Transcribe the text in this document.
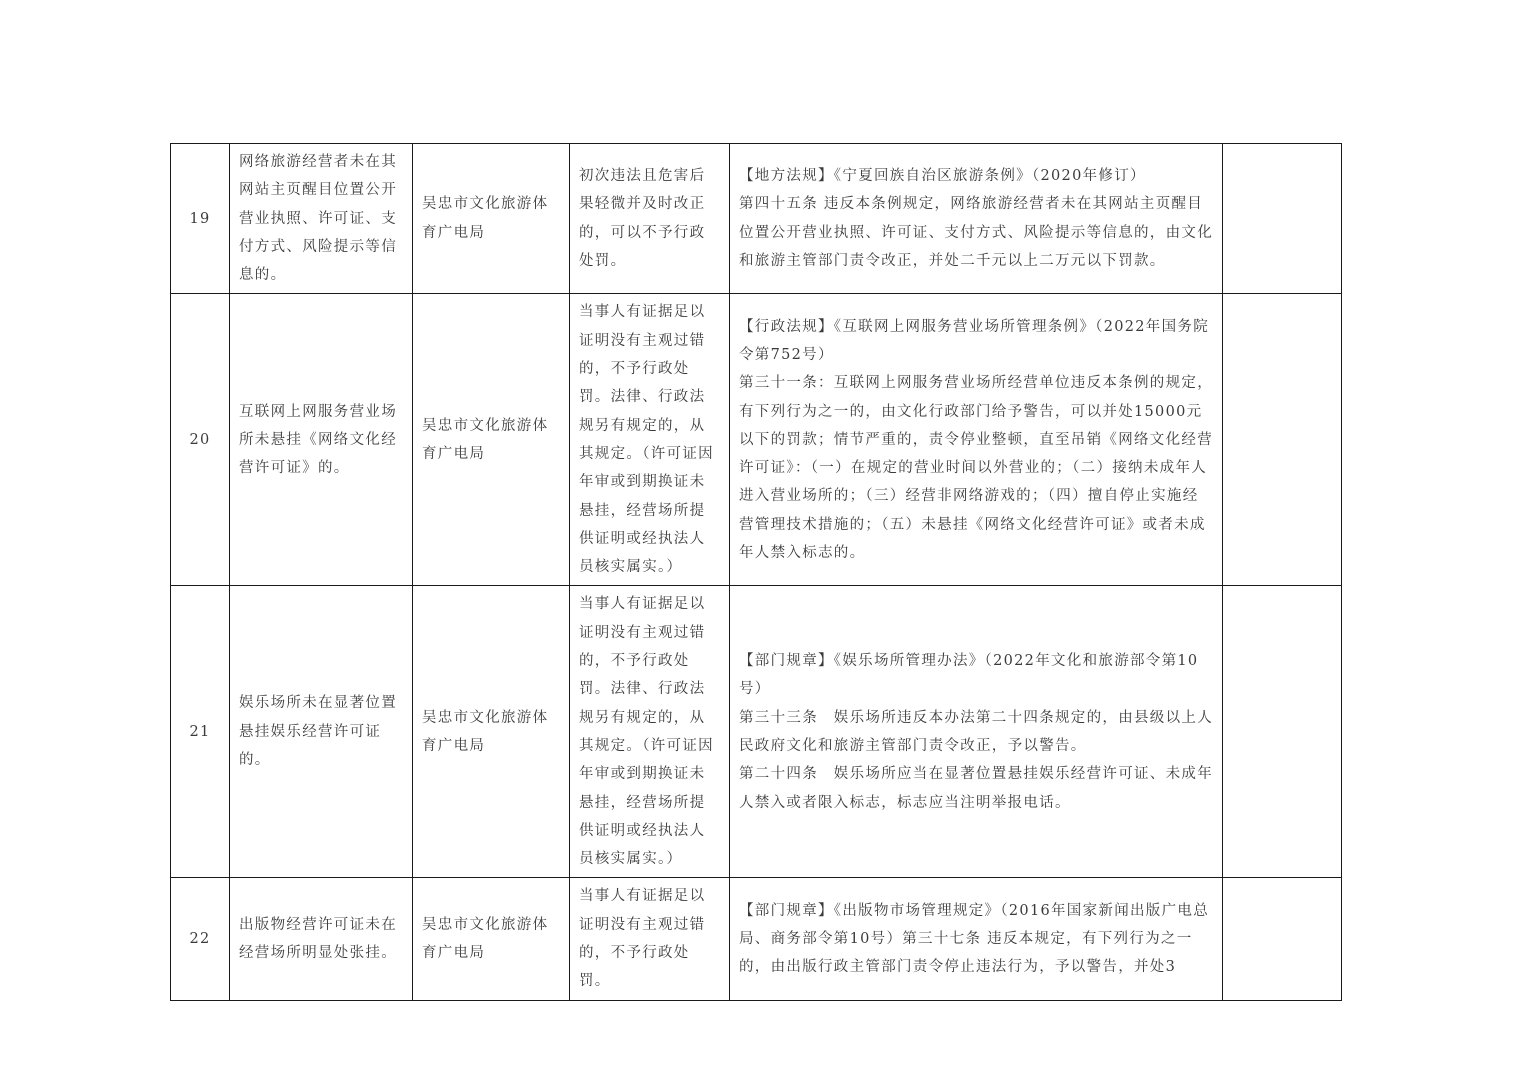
19	网络旅游经营者未在其网站主页醒目位置公开营业执照、许可证、支付方式、风险提示等信息的。	吴忠市文化旅游体育广电局	初次违法且危害后果轻微并及时改正的，可以不予行政处罚。	【地方法规】《宁夏回族自治区旅游条例》（2020年修订）
第四十五条 违反本条例规定，网络旅游经营者未在其网站主页醒目位置公开营业执照、许可证、支付方式、风险提示等信息的，由文化和旅游主管部门责令改正，并处二千元以上二万元以下罚款。	

20	互联网上网服务营业场所未悬挂《网络文化经营许可证》的。	吴忠市文化旅游体育广电局	当事人有证据足以证明没有主观过错的，不予行政处罚。法律、行政法规另有规定的，从其规定。（许可证因年审或到期换证未悬挂，经营场所提供证明或经执法人员核实属实。）	【行政法规】《互联网上网服务营业场所管理条例》（2022年国务院令第752号）
第三十一条：互联网上网服务营业场所经营单位违反本条例的规定，有下列行为之一的，由文化行政部门给予警告，可以并处15000元以下的罚款；情节严重的，责令停业整顿，直至吊销《网络文化经营许可证》：（一）在规定的营业时间以外营业的；（二）接纳未成年人进入营业场所的；（三）经营非网络游戏的；（四）擅自停止实施经营管理技术措施的；（五）未悬挂《网络文化经营许可证》或者未成年人禁入标志的。	

21	娱乐场所未在显著位置悬挂娱乐经营许可证的。	吴忠市文化旅游体育广电局	当事人有证据足以证明没有主观过错的，不予行政处罚。法律、行政法规另有规定的，从其规定。（许可证因年审或到期换证未悬挂，经营场所提供证明或经执法人员核实属实。）	【部门规章】《娱乐场所管理办法》（2022年文化和旅游部令第10号）
第三十三条　娱乐场所违反本办法第二十四条规定的，由县级以上人民政府文化和旅游主管部门责令改正，予以警告。
第二十四条　娱乐场所应当在显著位置悬挂娱乐经营许可证、未成年人禁入或者限入标志，标志应当注明举报电话。	

22	出版物经营许可证未在经营场所明显处张挂。	吴忠市文化旅游体育广电局	当事人有证据足以证明没有主观过错的，不予行政处罚。	【部门规章】《出版物市场管理规定》（2016年国家新闻出版广电总局、商务部令第10号）第三十七条 违反本规定，有下列行为之一的，由出版行政主管部门责令停止违法行为，予以警告，并处3	
